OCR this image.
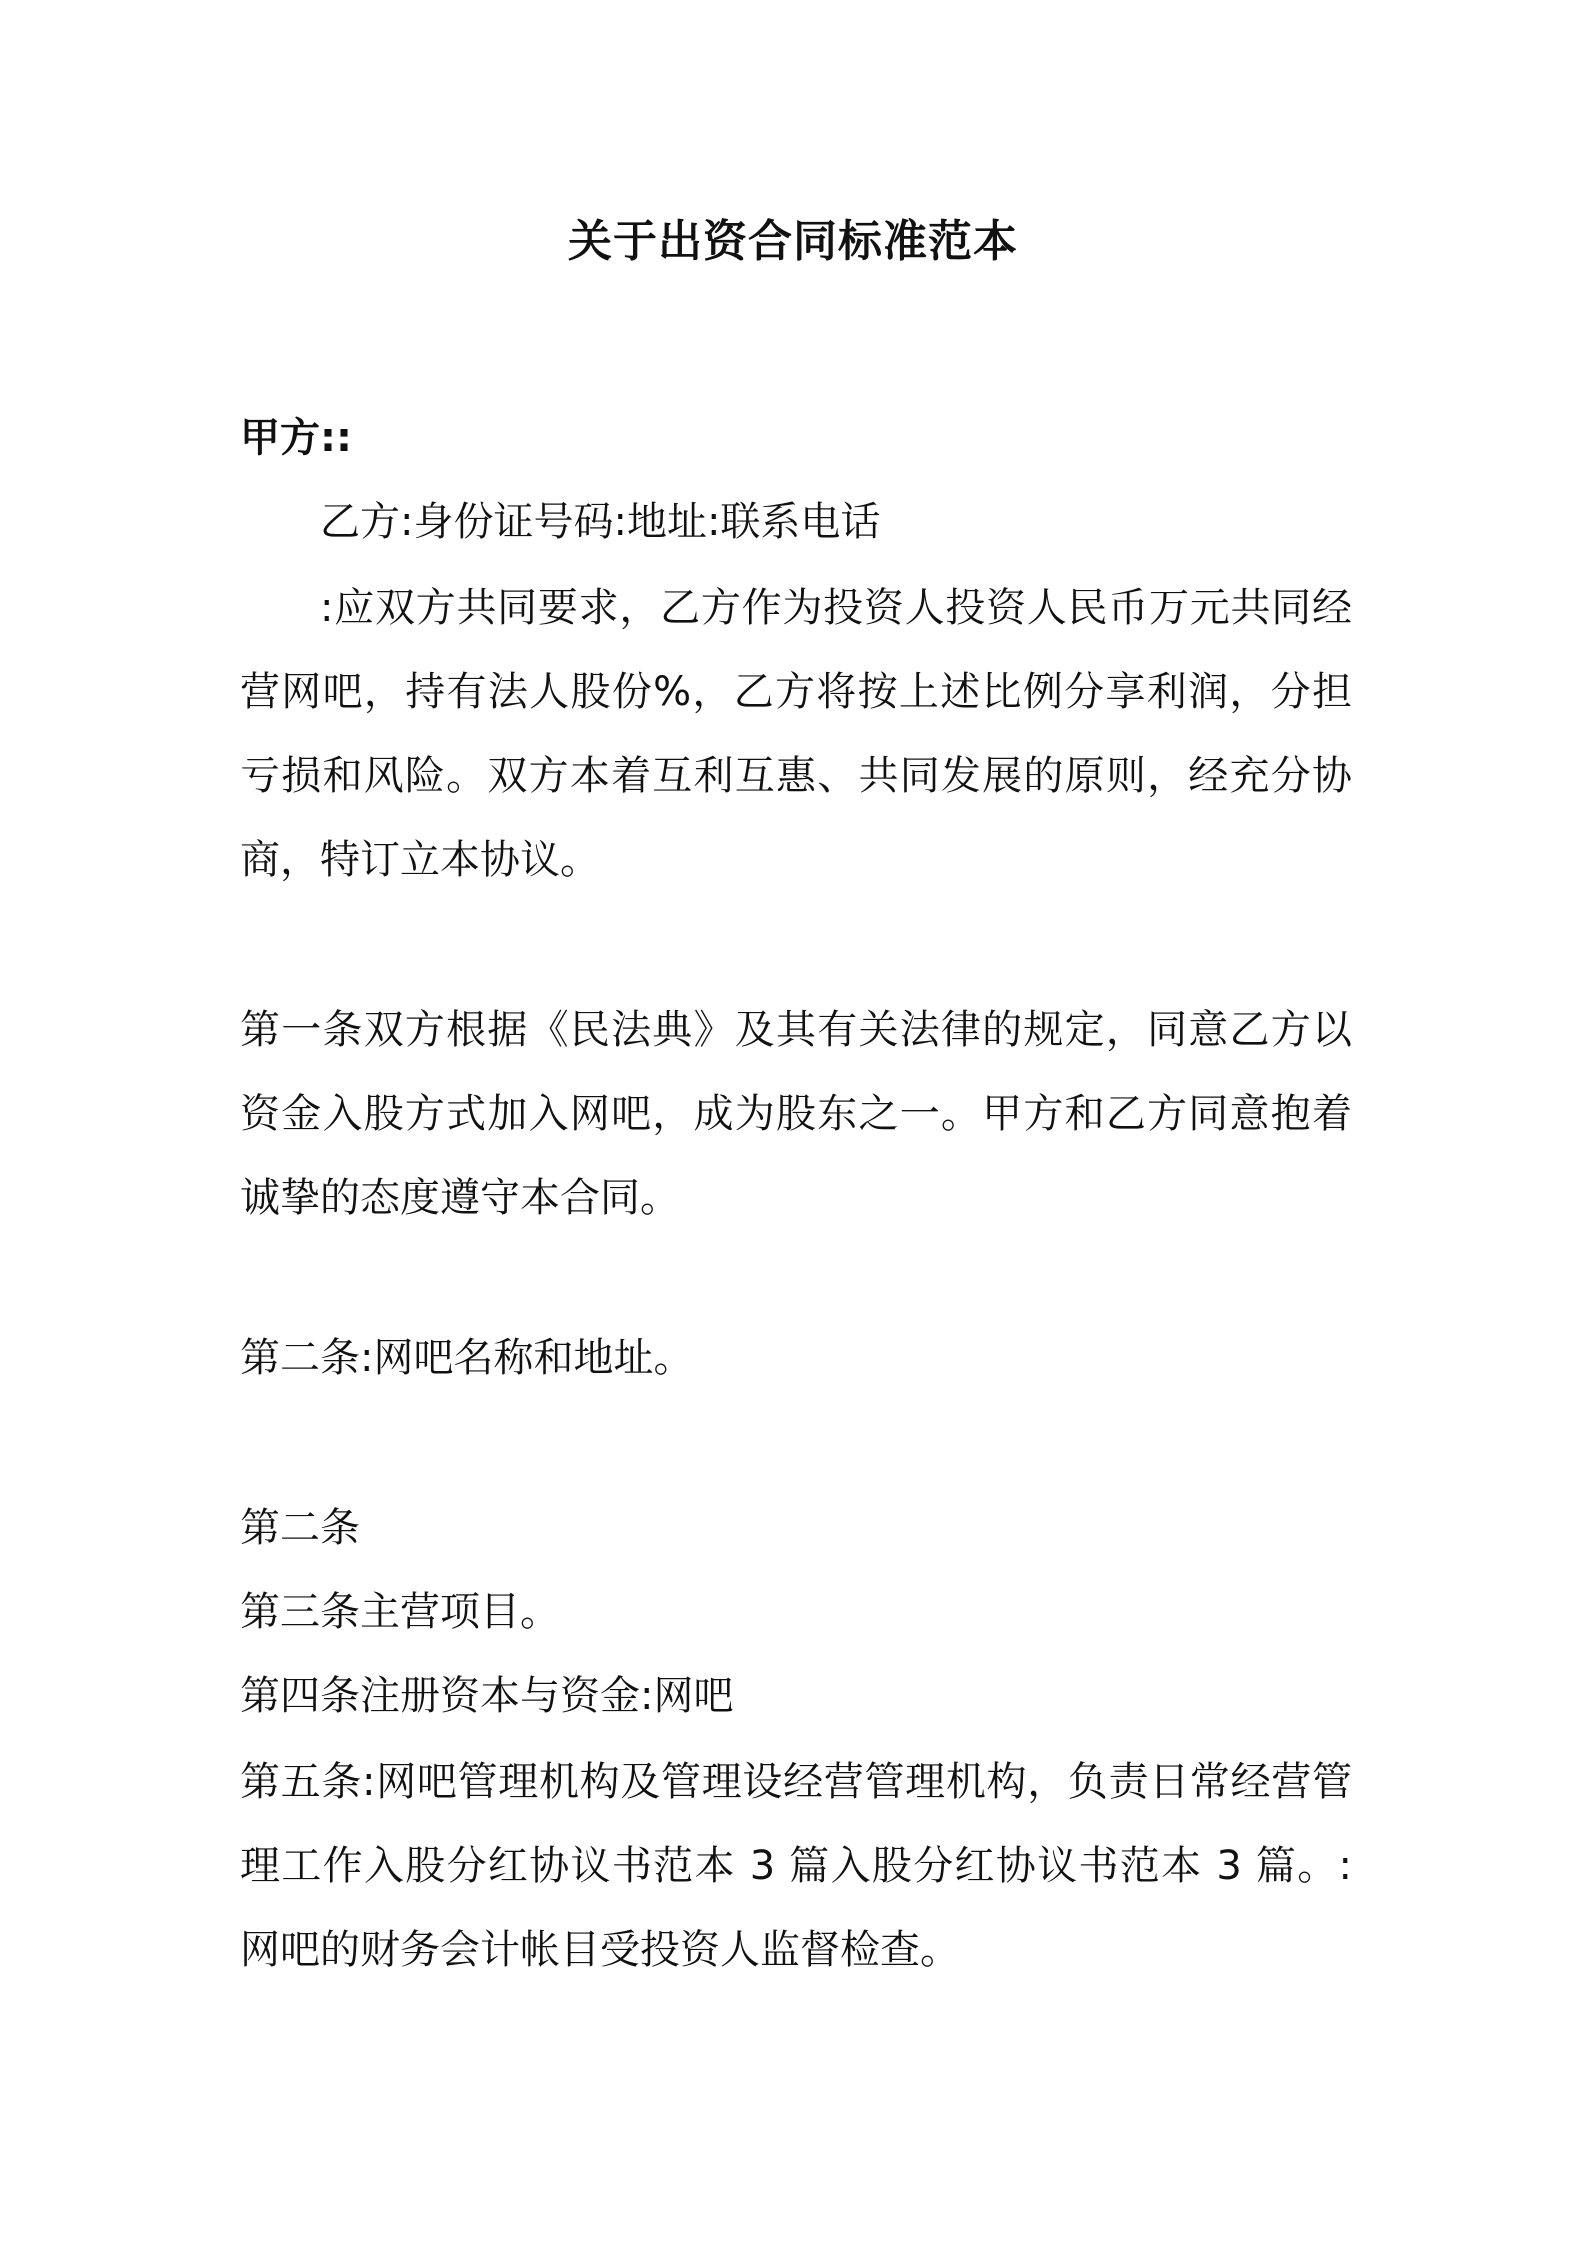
关于出资合同标准范本
甲方::
乙方:身份证号码:地址:联系电话
:应双方共同要求，乙方作为投资人投资人民币万元共同经营网吧，持有法人股份%，乙方将按上述比例分享利润，分担亏损和风险。双方本着互利互惠、共同发展的原则，经充分协商，特订立本协议。
第一条双方根据《民法典》及其有关法律的规定，同意乙方以资金入股方式加入网吧，成为股东之一。甲方和乙方同意抱着诚挚的态度遵守本合同。
第二条:网吧名称和地址。
第二条
第三条主营项目。
第四条注册资本与资金:网吧
第五条:网吧管理机构及管理设经营管理机构，负责日常经营管理工作入股分红协议书范本 3 篇入股分红协议书范本 3 篇。:网吧的财务会计帐目受投资人监督检查。
